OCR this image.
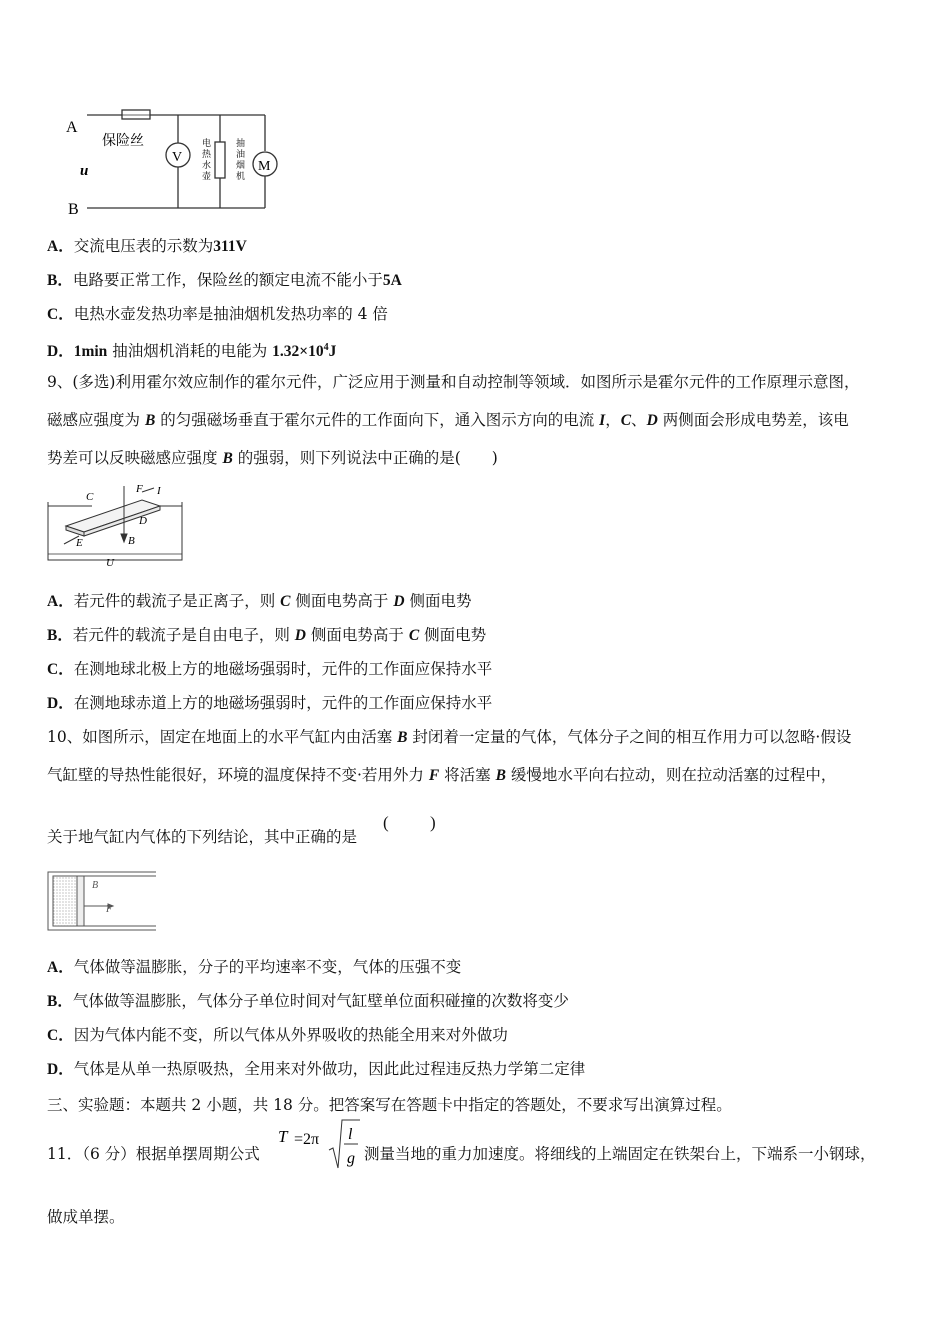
A
B
u
保险丝
V
M
电
热
水
壶
抽
油
烟
机
A．交流电压表的示数为311V
B．电路要正常工作，保险丝的额定电流不能小于5A
C．电热水壶发热功率是抽油烟机发热功率的 4 倍
D．1min 抽油烟机消耗的电能为 $1.32\times 10^4J$
9、(多选)利用霍尔效应制作的霍尔元件，广泛应用于测量和自动控制等领域．如图所示是霍尔元件的工作原理示意图，
磁感应强度为 B 的匀强磁场垂直于霍尔元件的工作面向下，通入图示方向的电流 I，C、D 两侧面会形成电势差，该电
势差可以反映磁感应强度 B 的强弱，则下列说法中正确的是(　　)
C
F I
D
E	B
U
A．若元件的载流子是正离子，则 C 侧面电势高于 D 侧面电势
B．若元件的载流子是自由电子，则 D 侧面电势高于 C 侧面电势
C．在测地球北极上方的地磁场强弱时，元件的工作面应保持水平
D．在测地球赤道上方的地磁场强弱时，元件的工作面应保持水平
10、如图所示，固定在地面上的水平气缸内由活塞 B 封闭着一定量的气体，气体分子之间的相互作用力可以忽略·假设
气缸壁的导热性能很好，环境的温度保持不变·若用外力 F 将活塞 B 缓慢地水平向右拉动，则在拉动活塞的过程中，
关于地气缸内气体的下列结论，其中正确的是
( )
B
F
A．气体做等温膨胀，分子的平均速率不变，气体的压强不变
B．气体做等温膨胀，气体分子单位时间对气缸壁单位面积碰撞的次数将变少
C．因为气体内能不变，所以气体从外界吸收的热能全用来对外做功
D．气体是从单一热原吸热，全用来对外做功，因此此过程违反热力学第二定律
三、实验题：本题共 2 小题，共 18 分。把答案写在答题卡中指定的答题处，不要求写出演算过程。
11．（6 分）根据单摆周期公式
T =2π l
g 测量当地的重力加速度。将细线的上端固定在铁架台上，下端系一小钢球，
做成单摆。
